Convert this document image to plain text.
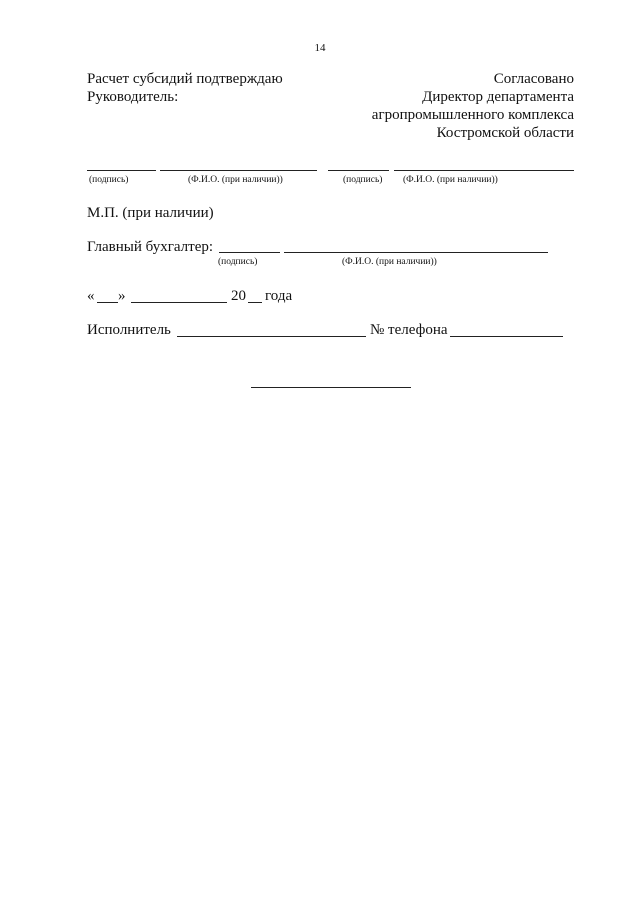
14
Расчет субсидий подтверждаю
Руководитель:
Согласовано
Директор департамента
агропромышленного комплекса
Костромской области
(подпись)	(Ф.И.О. (при наличии))	(подпись) (Ф.И.О. (при наличии))
М.П. (при наличии)
Главный бухгалтер:
(подпись)	(Ф.И.О. (при наличии))
« »	20 года
Исполнитель	№ телефона
